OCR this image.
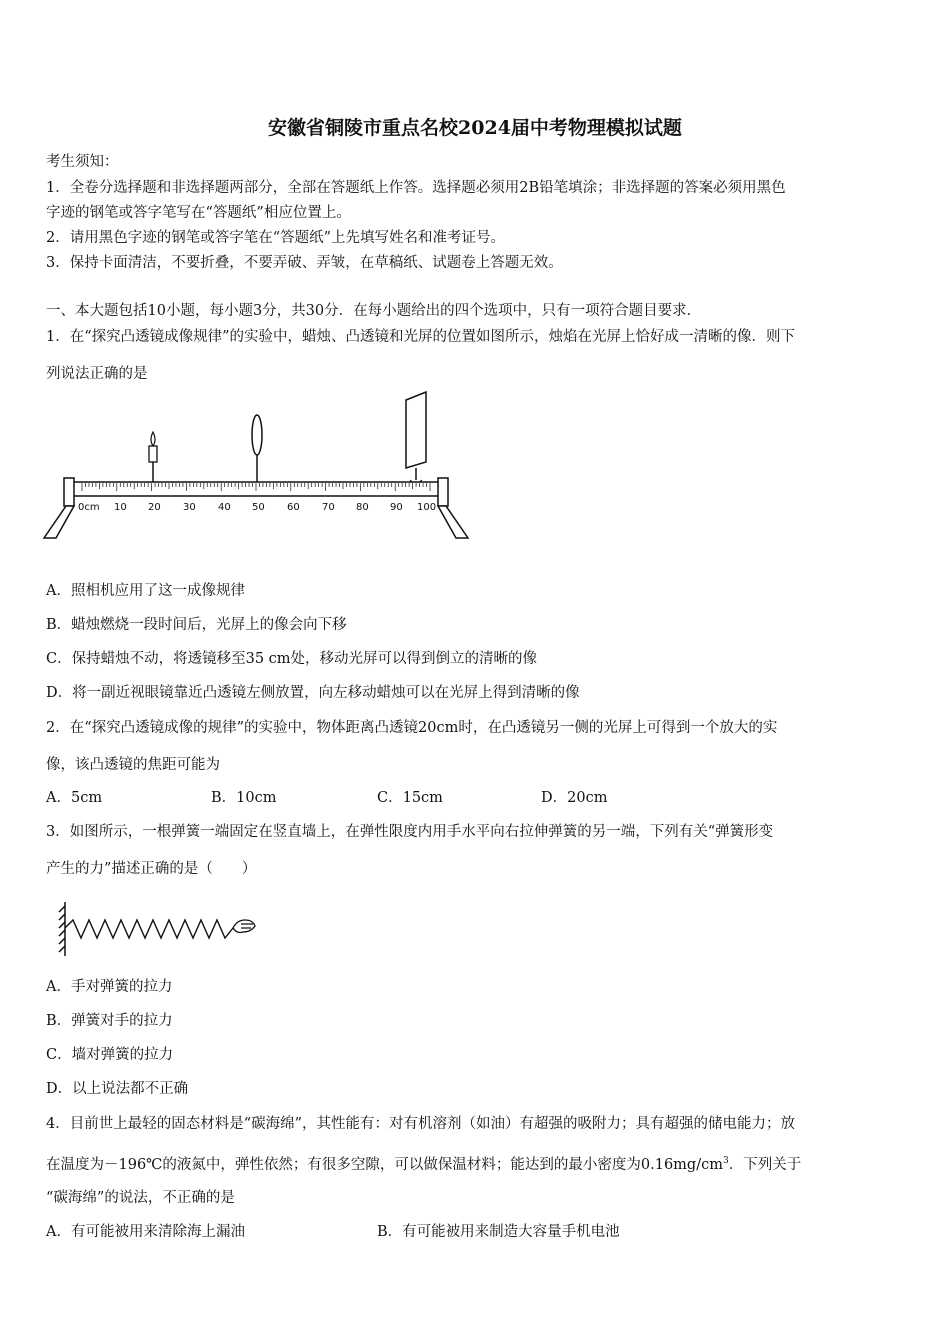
安徽省铜陵市重点名校2024届中考物理模拟试题
考生须知：
1．全卷分选择题和非选择题两部分，全部在答题纸上作答。选择题必须用2B铅笔填涂；非选择题的答案必须用黑色
字迹的钢笔或答字笔写在“答题纸”相应位置上。
2．请用黑色字迹的钢笔或答字笔在“答题纸”上先填写姓名和准考证号。
3．保持卡面清洁，不要折叠，不要弄破、弄皱，在草稿纸、试题卷上答题无效。
一、本大题包括10小题，每小题3分，共30分．在每小题给出的四个选项中，只有一项符合题目要求．
1．在“探究凸透镜成像规律”的实验中，蜡烛、凸透镜和光屏的位置如图所示，烛焰在光屏上恰好成一清晰的像．则下
列说法正确的是
0cm 10 20 30 40 50 60 70 80 90 100
A．照相机应用了这一成像规律
B．蜡烛燃烧一段时间后，光屏上的像会向下移
C．保持蜡烛不动，将透镜移至35 cm处，移动光屏可以得到倒立的清晰的像
D．将一副近视眼镜靠近凸透镜左侧放置，向左移动蜡烛可以在光屏上得到清晰的像
2．在“探究凸透镜成像的规律”的实验中，物体距离凸透镜20cm时，在凸透镜另一侧的光屏上可得到一个放大的实
像，该凸透镜的焦距可能为
A．5cm	B．10cm	C．15cm	D．20cm
3．如图所示，一根弹簧一端固定在竖直墙上，在弹性限度内用手水平向右拉伸弹簧的另一端，下列有关“弹簧形变
产生的力”描述正确的是（　　）
A．手对弹簧的拉力
B．弹簧对手的拉力
C．墙对弹簧的拉力
D．以上说法都不正确
4．目前世上最轻的固态材料是“碳海绵”，其性能有：对有机溶剂（如油）有超强的吸附力；具有超强的储电能力；放
在温度为－196℃的液氮中，弹性依然；有很多空隙，可以做保温材料；能达到的最小密度为$0.16mg/cm^3$．下列关于
“碳海绵”的说法，不正确的是
A．有可能被用来清除海上漏油	B．有可能被用来制造大容量手机电池
